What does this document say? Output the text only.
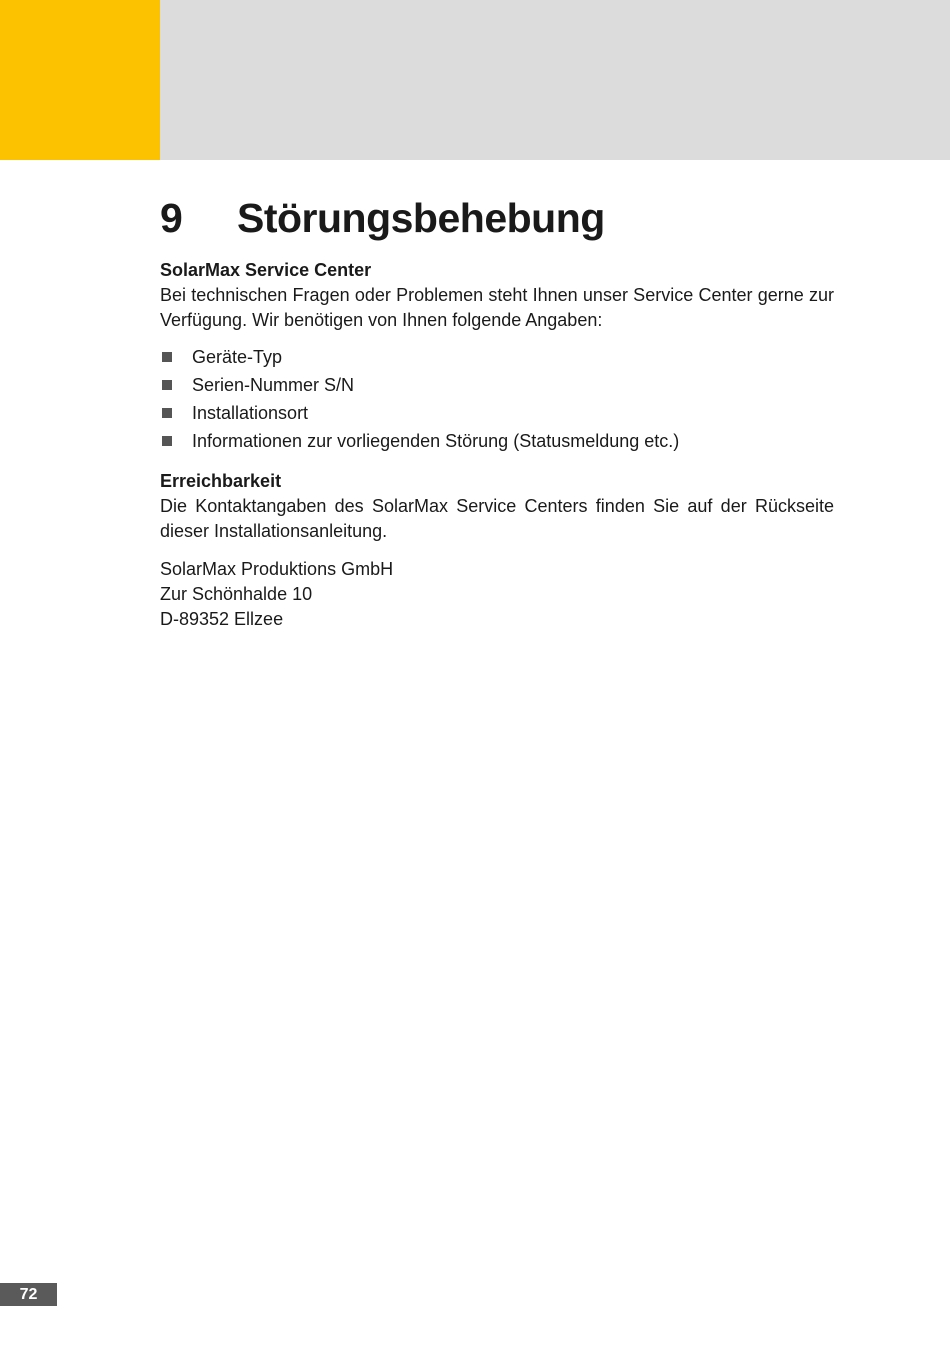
9 Störungsbehebung
SolarMax Service Center

Bei technischen Fragen oder Problemen steht Ihnen unser Service Center gerne zur Verfügung. Wir benötigen von Ihnen folgende Angaben:

Geräte-Typ
Serien-Nummer S/N
Installationsort
Informationen zur vorliegenden Störung (Statusmeldung etc.)
Erreichbarkeit

Die Kontaktangaben des SolarMax Service Centers finden Sie auf der Rückseite dieser Installationsanleitung.

SolarMax Produktions GmbH
Zur Schönhalde 10
D-89352 Ellzee
72
